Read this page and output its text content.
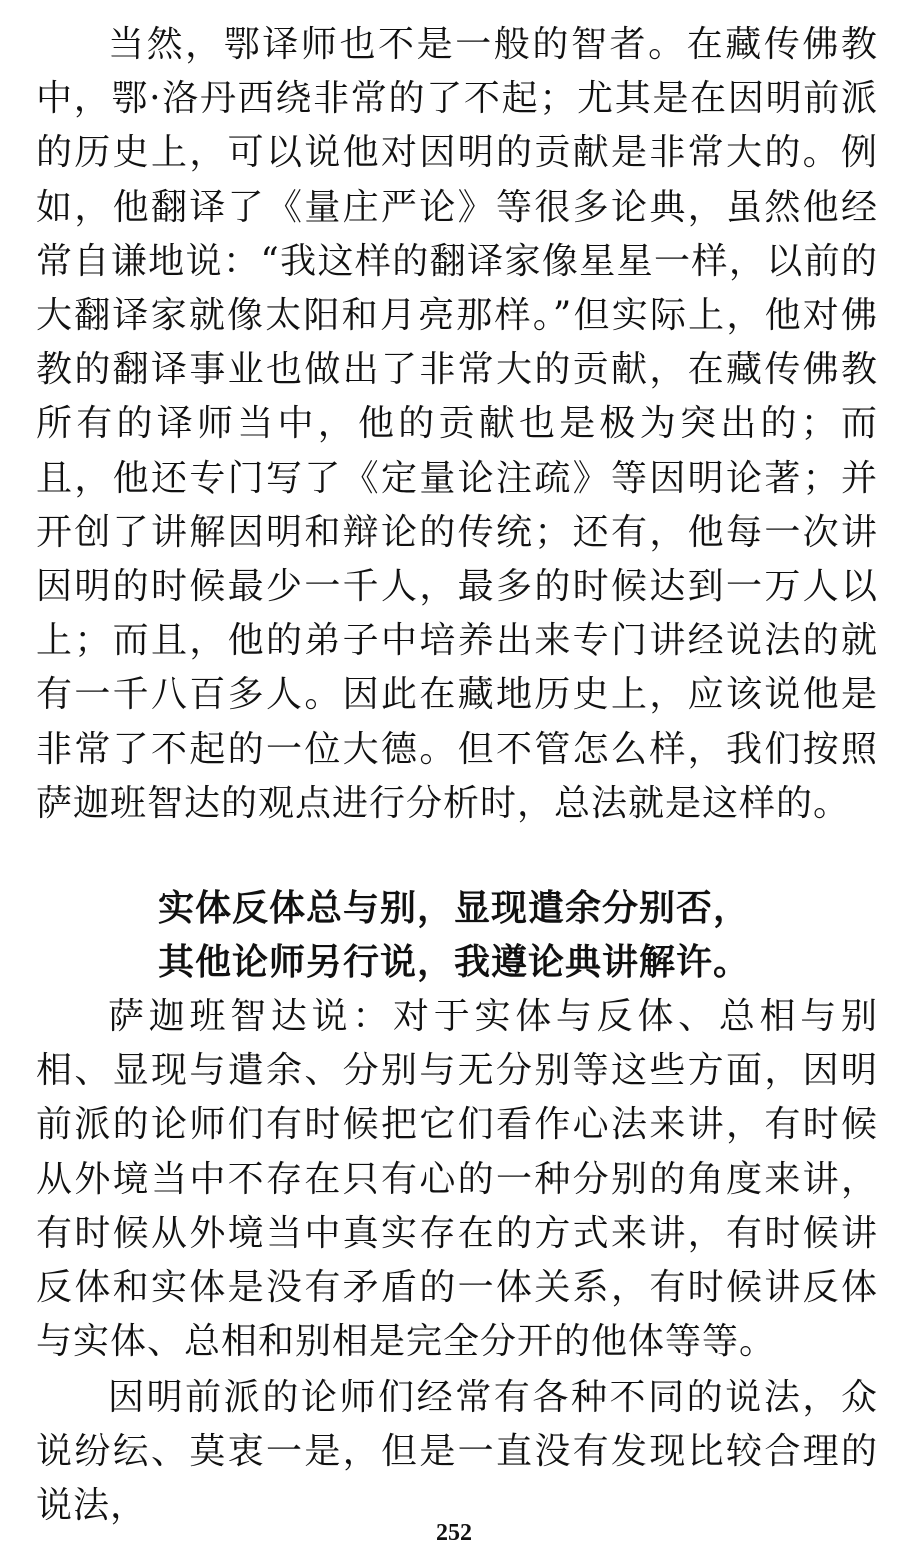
当然，鄂译师也不是一般的智者。在藏传佛教中，鄂·洛丹西绕非常的了不起；尤其是在因明前派的历史上，可以说他对因明的贡献是非常大的。例如，他翻译了《量庄严论》等很多论典，虽然他经常自谦地说：“我这样的翻译家像星星一样，以前的大翻译家就像太阳和月亮那样。”但实际上，他对佛教的翻译事业也做出了非常大的贡献，在藏传佛教所有的译师当中，他的贡献也是极为突出的；而且，他还专门写了《定量论注疏》等因明论著；并开创了讲解因明和辩论的传统；还有，他每一次讲因明的时候最少一千人，最多的时候达到一万人以上；而且，他的弟子中培养出来专门讲经说法的就有一千八百多人。因此在藏地历史上，应该说他是非常了不起的一位大德。但不管怎么样，我们按照萨迦班智达的观点进行分析时，总法就是这样的。

实体反体总与别，显现遣余分别否，
其他论师另行说，我遵论典讲解许。

萨迦班智达说：对于实体与反体、总相与别相、显现与遣余、分别与无分别等这些方面，因明前派的论师们有时候把它们看作心法来讲，有时候从外境当中不存在只有心的一种分别的角度来讲，有时候从外境当中真实存在的方式来讲，有时候讲反体和实体是没有矛盾的一体关系，有时候讲反体与实体、总相和别相是完全分开的他体等等。

因明前派的论师们经常有各种不同的说法，众说纷纭、莫衷一是，但是一直没有发现比较合理的说法，

252
